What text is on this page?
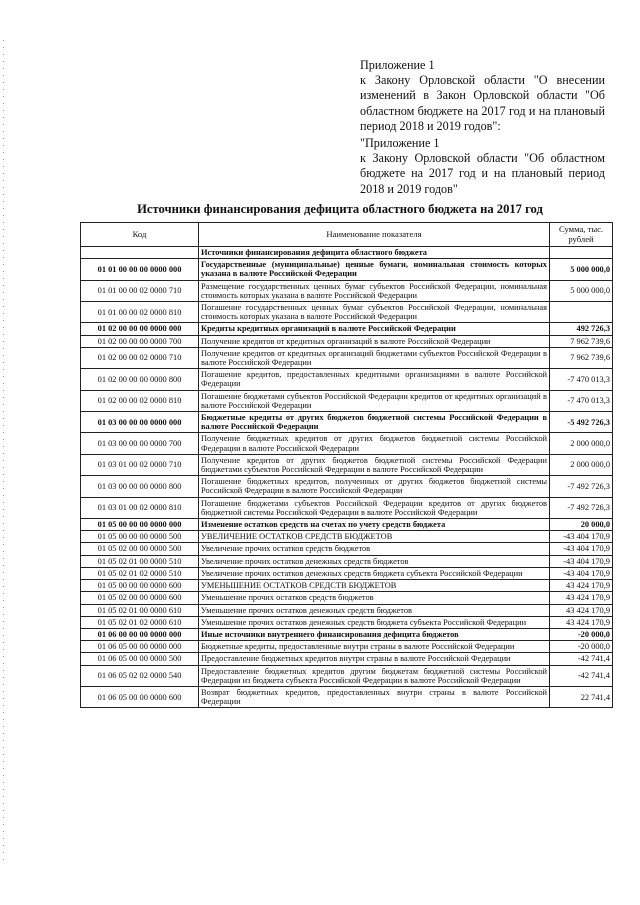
Приложение 1
к Закону Орловской области "О внесении изменений в Закон Орловской области "Об областном бюджете на 2017 год и на плановый период 2018 и 2019 годов":
"Приложение 1
к Закону Орловской области "Об областном бюджете на 2017 год и на плановый период 2018 и 2019 годов"
Источники финансирования дефицита областного бюджета на 2017 год
Код	Наименование показателя	Сумма, тыс. рублей
	Источники финансирования дефицита областного бюджета	
01 01 00 00 00 0000 000	Государственные (муниципальные) ценные бумаги, номинальная стоимость которых указана в валюте Российской Федерации	5 000 000,0
01 01 00 00 02 0000 710	Размещение государственных ценных бумаг субъектов Российской Федерации, номинальная стоимость которых указана в валюте Российской Федерации	5 000 000,0
01 01 00 00 02 0000 810	Погашение государственных ценных бумаг субъектов Российской Федерации, номинальная стоимость которых указана в валюте Российской Федерации	
01 02 00 00 00 0000 000	Кредиты кредитных организаций в валюте Российской Федерации	492 726,3
01 02 00 00 00 0000 700	Получение кредитов от кредитных организаций в валюте Российской Федерации	7 962 739,6
01 02 00 00 02 0000 710	Получение кредитов от кредитных организаций бюджетами субъектов Российской Федерации в валюте Российской Федерации	7 962 739,6
01 02 00 00 00 0000 800	Погашение кредитов, предоставленных кредитными организациями в валюте Российской Федерации	-7 470 013,3
01 02 00 00 02 0000 810	Погашение бюджетами субъектов Российской Федерации кредитов от кредитных организаций в валюте Российской Федерации	-7 470 013,3
01 03 00 00 00 0000 000	Бюджетные кредиты от других бюджетов бюджетной системы Российской Федерации в валюте Российской Федерации	-5 492 726,3
01 03 00 00 00 0000 700	Получение бюджетных кредитов от других бюджетов бюджетной системы Российской Федерации в валюте Российской Федерации	2 000 000,0
01 03 01 00 02 0000 710	Получение кредитов от других бюджетов бюджетной системы Российской Федерации бюджетами субъектов Российской Федерации в валюте Российской Федерации	2 000 000,0
01 03 00 00 00 0000 800	Погашение бюджетных кредитов, полученных от других бюджетов бюджетной системы Российской Федерации в валюте Российской Федерации	-7 492 726,3
01 03 01 00 02 0000 810	Погашение бюджетами субъектов Российской Федерации кредитов от других бюджетов бюджетной системы Российской Федерации в валюте Российской Федерации	-7 492 726,3
01 05 00 00 00 0000 000	Изменение остатков средств на счетах по учету средств бюджета	20 000,0
01 05 00 00 00 0000 500	УВЕЛИЧЕНИЕ ОСТАТКОВ СРЕДСТВ БЮДЖЕТОВ	-43 404 170,9
01 05 02 00 00 0000 500	Увеличение прочих остатков средств бюджетов	-43 404 170,9
01 05 02 01 00 0000 510	Увеличение прочих остатков денежных средств бюджетов	-43 404 170,9
01 05 02 01 02 0000 510	Увеличение прочих остатков денежных средств бюджета субъекта Российской Федерации	-43 404 170,9
01 05 00 00 00 0000 600	УМЕНЬШЕНИЕ ОСТАТКОВ СРЕДСТВ БЮДЖЕТОВ	43 424 170,9
01 05 02 00 00 0000 600	Уменьшение прочих остатков средств бюджетов	43 424 170,9
01 05 02 01 00 0000 610	Уменьшение прочих остатков денежных средств бюджетов	43 424 170,9
01 05 02 01 02 0000 610	Уменьшение прочих остатков денежных средств бюджета субъекта Российской Федерации	43 424 170,9
01 06 00 00 00 0000 000	Иные источники внутреннего финансирования дефицита бюджетов	-20 000,0
01 06 05 00 00 0000 000	Бюджетные кредиты, предоставленные внутри страны в валюте Российской Федерации	-20 000,0
01 06 05 00 00 0000 500	Предоставление бюджетных кредитов внутри страны в валюте Российской Федерации	-42 741,4
01 06 05 02 02 0000 540	Предоставление бюджетных кредитов другим бюджетам бюджетной системы Российской Федерации из бюджета субъекта Российской Федерации в валюте Российской Федерации	-42 741,4
01 06 05 00 00 0000 600	Возврат бюджетных кредитов, предоставленных внутри страны в валюте Российской Федерации	22 741,4
